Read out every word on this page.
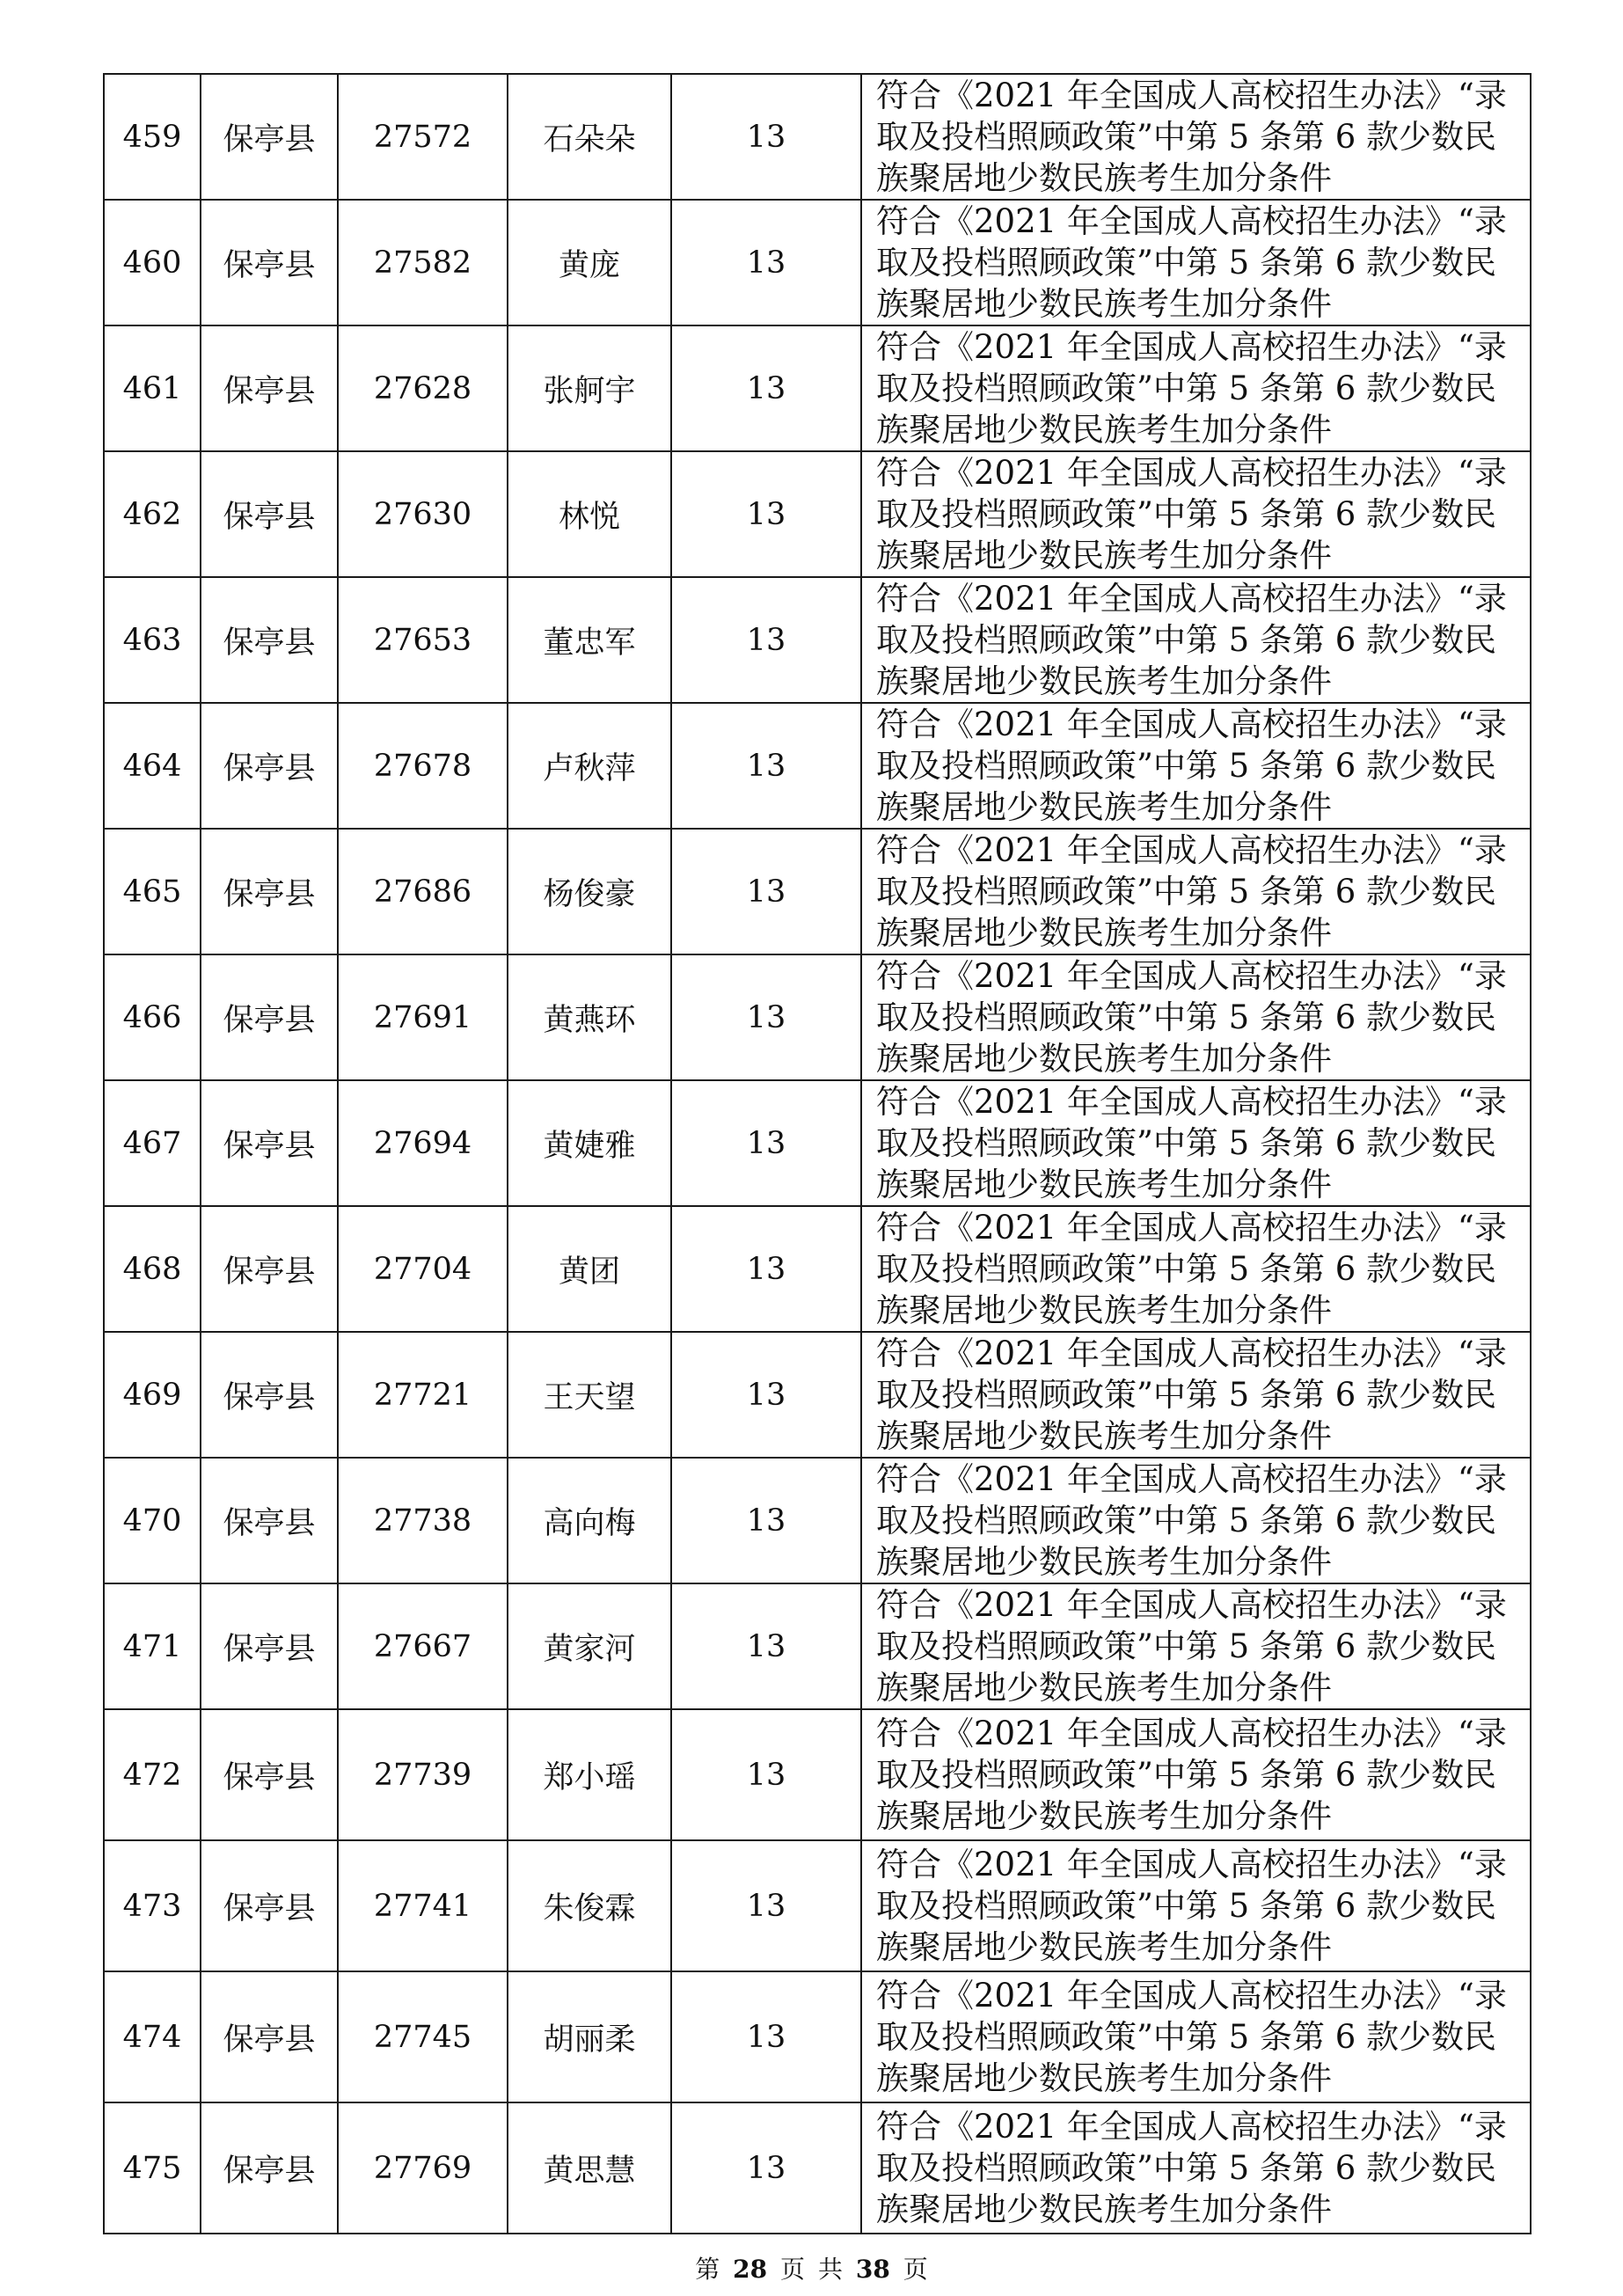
459	保亭县	27572	石朵朵	13	符合《2021 年全国成人高校招生办法》“录取及投档照顾政策”中第 5 条第 6 款少数民族聚居地少数民族考生加分条件
460	保亭县	27582	黄庞	13	符合《2021 年全国成人高校招生办法》“录取及投档照顾政策”中第 5 条第 6 款少数民族聚居地少数民族考生加分条件
461	保亭县	27628	张舸宇	13	符合《2021 年全国成人高校招生办法》“录取及投档照顾政策”中第 5 条第 6 款少数民族聚居地少数民族考生加分条件
462	保亭县	27630	林悦	13	符合《2021 年全国成人高校招生办法》“录取及投档照顾政策”中第 5 条第 6 款少数民族聚居地少数民族考生加分条件
463	保亭县	27653	董忠军	13	符合《2021 年全国成人高校招生办法》“录取及投档照顾政策”中第 5 条第 6 款少数民族聚居地少数民族考生加分条件
464	保亭县	27678	卢秋萍	13	符合《2021 年全国成人高校招生办法》“录取及投档照顾政策”中第 5 条第 6 款少数民族聚居地少数民族考生加分条件
465	保亭县	27686	杨俊豪	13	符合《2021 年全国成人高校招生办法》“录取及投档照顾政策”中第 5 条第 6 款少数民族聚居地少数民族考生加分条件
466	保亭县	27691	黄燕环	13	符合《2021 年全国成人高校招生办法》“录取及投档照顾政策”中第 5 条第 6 款少数民族聚居地少数民族考生加分条件
467	保亭县	27694	黄婕雅	13	符合《2021 年全国成人高校招生办法》“录取及投档照顾政策”中第 5 条第 6 款少数民族聚居地少数民族考生加分条件
468	保亭县	27704	黄团	13	符合《2021 年全国成人高校招生办法》“录取及投档照顾政策”中第 5 条第 6 款少数民族聚居地少数民族考生加分条件
469	保亭县	27721	王天望	13	符合《2021 年全国成人高校招生办法》“录取及投档照顾政策”中第 5 条第 6 款少数民族聚居地少数民族考生加分条件
470	保亭县	27738	高向梅	13	符合《2021 年全国成人高校招生办法》“录取及投档照顾政策”中第 5 条第 6 款少数民族聚居地少数民族考生加分条件
471	保亭县	27667	黄家河	13	符合《2021 年全国成人高校招生办法》“录取及投档照顾政策”中第 5 条第 6 款少数民族聚居地少数民族考生加分条件
472	保亭县	27739	郑小瑶	13	符合《2021 年全国成人高校招生办法》“录取及投档照顾政策”中第 5 条第 6 款少数民族聚居地少数民族考生加分条件
473	保亭县	27741	朱俊霖	13	符合《2021 年全国成人高校招生办法》“录取及投档照顾政策”中第 5 条第 6 款少数民族聚居地少数民族考生加分条件
474	保亭县	27745	胡丽柔	13	符合《2021 年全国成人高校招生办法》“录取及投档照顾政策”中第 5 条第 6 款少数民族聚居地少数民族考生加分条件
475	保亭县	27769	黄思慧	13	符合《2021 年全国成人高校招生办法》“录取及投档照顾政策”中第 5 条第 6 款少数民族聚居地少数民族考生加分条件
第 28 页 共 38 页
